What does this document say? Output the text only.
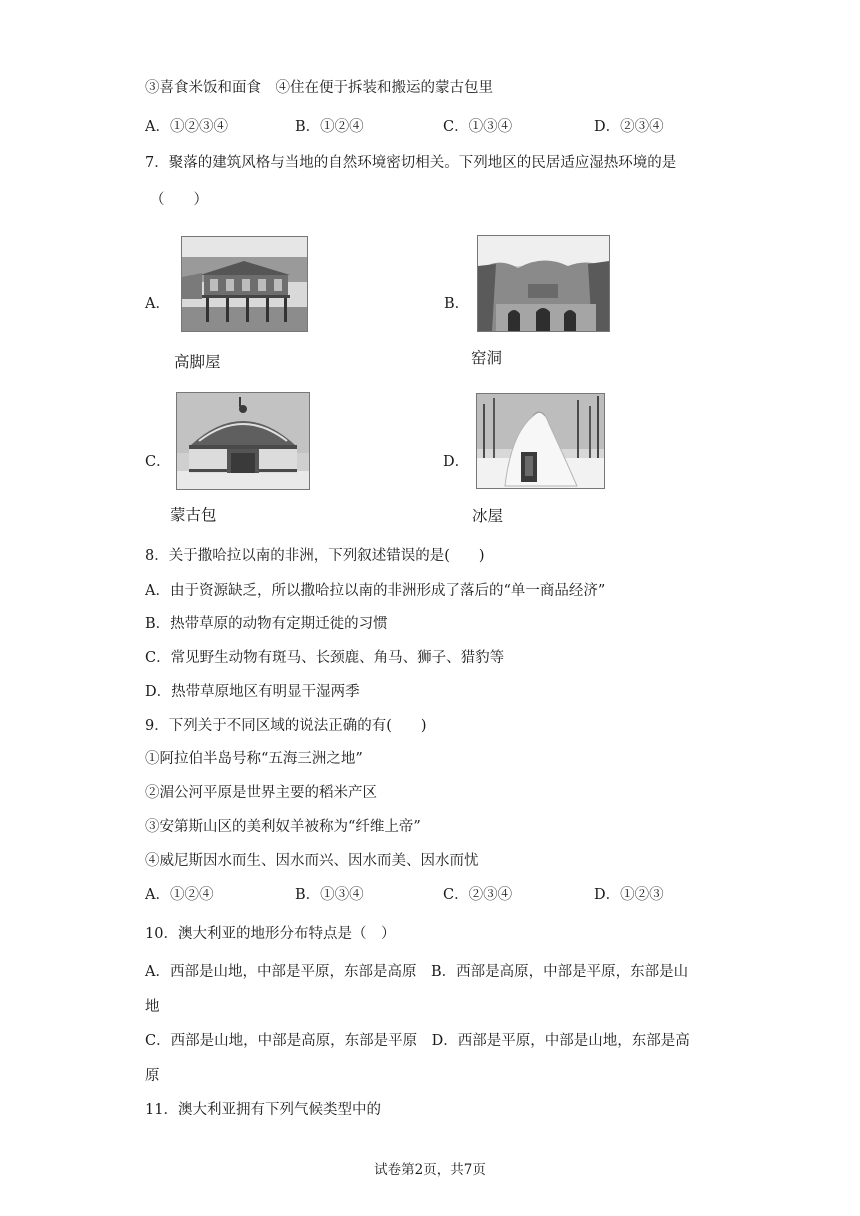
③喜食米饭和面食　④住在便于拆装和搬运的蒙古包里
A．①②③④	B．①②④	C．①③④	D．②③④
7．聚落的建筑风格与当地的自然环境密切相关。下列地区的民居适应湿热环境的是
（　　）
A．
高脚屋
B．
窑洞
C．
蒙古包
D．
冰屋
8．关于撒哈拉以南的非洲，下列叙述错误的是(　　)
A．由于资源缺乏，所以撒哈拉以南的非洲形成了落后的“单一商品经济”
B．热带草原的动物有定期迁徙的习惯
C．常见野生动物有斑马、长颈鹿、角马、狮子、猎豹等
D．热带草原地区有明显干湿两季
9．下列关于不同区域的说法正确的有(　　)
①阿拉伯半岛号称“五海三洲之地”
②湄公河平原是世界主要的稻米产区
③安第斯山区的美利奴羊被称为“纤维上帝”
④威尼斯因水而生、因水而兴、因水而美、因水而忧
A．①②④	B．①③④	C．②③④	D．①②③
10．澳大利亚的地形分布特点是（　）
A．西部是山地，中部是平原，东部是高原　B．西部是高原，中部是平原，东部是山
地
C．西部是山地，中部是高原，东部是平原　D．西部是平原，中部是山地，东部是高
原
11．澳大利亚拥有下列气候类型中的
试卷第2页，共7页
